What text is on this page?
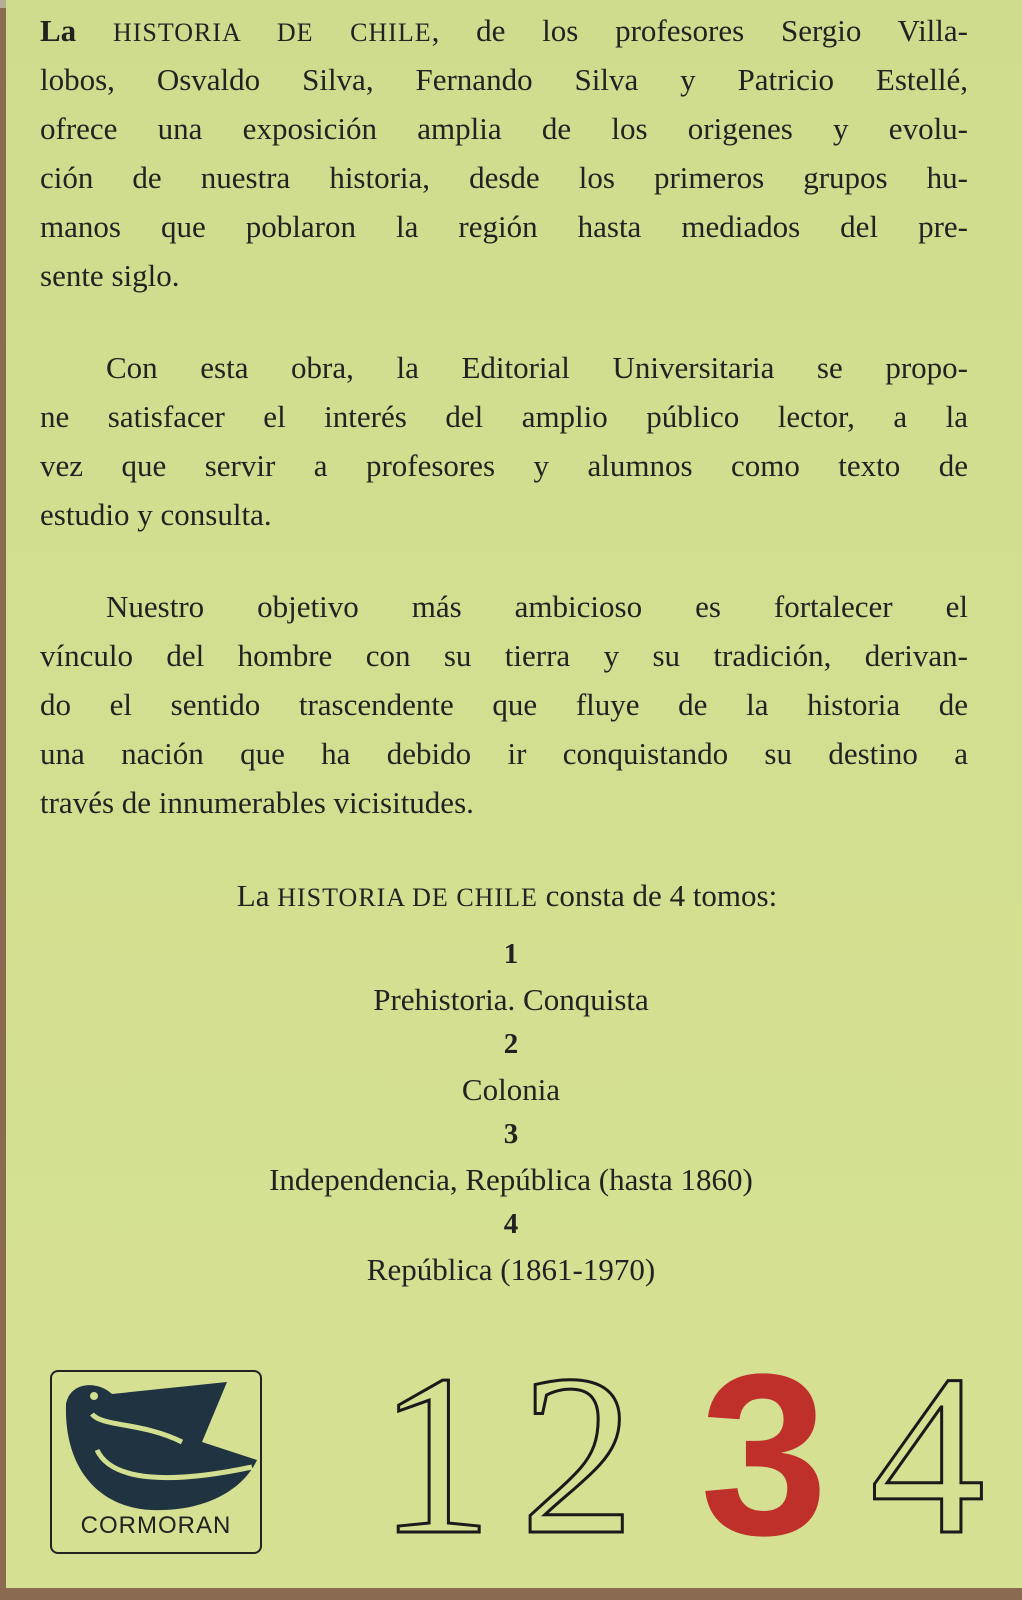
La HISTORIA DE CHILE, de los profesores Sergio Villa-
lobos, Osvaldo Silva, Fernando Silva y Patricio Estellé,
ofrece una exposición amplia de los origenes y evolu-
ción de nuestra historia, desde los primeros grupos hu-
manos que poblaron la región hasta mediados del pre-
sente siglo.
Con esta obra, la Editorial Universitaria se propo-
ne satisfacer el interés del amplio público lector, a la
vez que servir a profesores y alumnos como texto de
estudio y consulta.
Nuestro objetivo más ambicioso es fortalecer el
vínculo del hombre con su tierra y su tradición, derivan-
do el sentido trascendente que fluye de la historia de
una nación que ha debido ir conquistando su destino a
través de innumerables vicisitudes.
La HISTORIA DE CHILE consta de 4 tomos:
1
Prehistoria. Conquista
2
Colonia
3
Independencia, República (hasta 1860)
4
República (1861-1970)
CORMORAN 1 2 3 4
